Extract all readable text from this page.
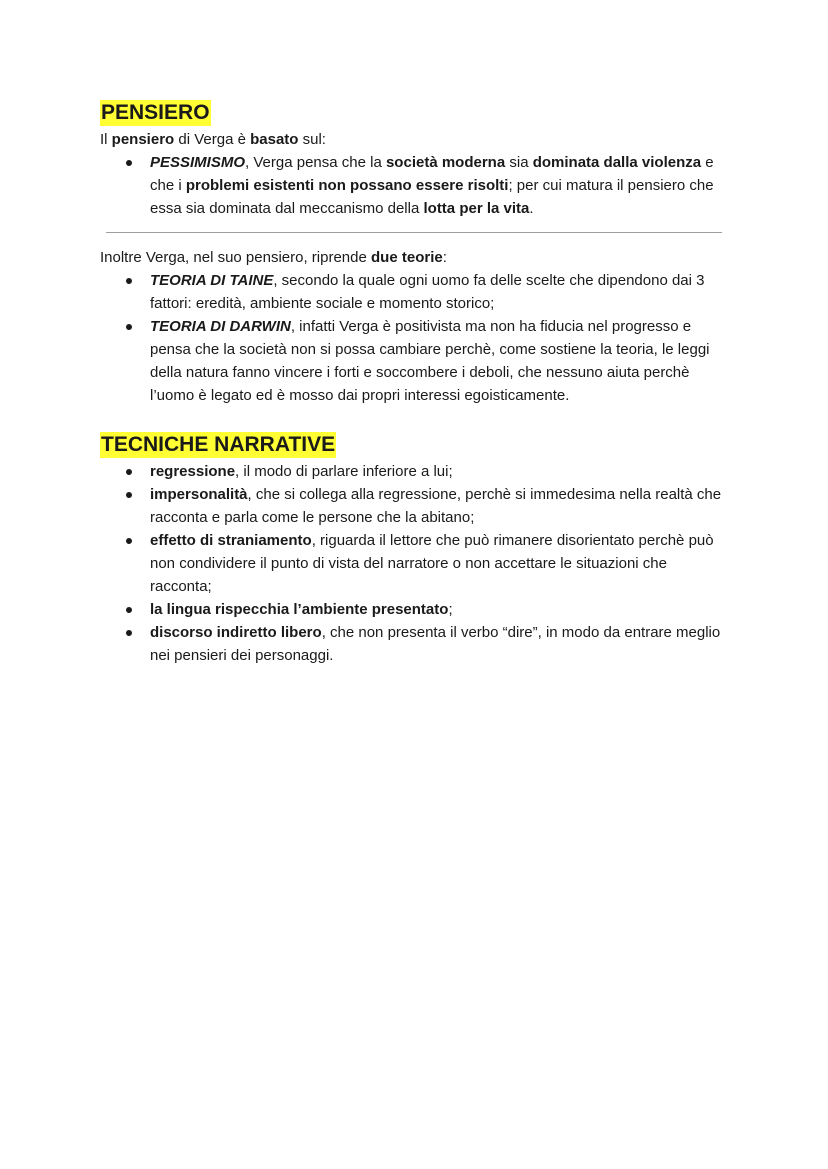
PENSIERO

Il pensiero di Verga è basato sul:

PESSIMISMO, Verga pensa che la società moderna sia dominata dalla violenza e che i problemi esistenti non possano essere risolti; per cui matura il pensiero che essa sia dominata dal meccanismo della lotta per la vita.

Inoltre Verga, nel suo pensiero, riprende due teorie:

TEORIA DI TAINE, secondo la quale ogni uomo fa delle scelte che dipendono dai 3 fattori: eredità, ambiente sociale e momento storico;
TEORIA DI DARWIN, infatti Verga è positivista ma non ha fiducia nel progresso e pensa che la società non si possa cambiare perchè, come sostiene la teoria, le leggi della natura fanno vincere i forti e soccombere i deboli, che nessuno aiuta perchè l’uomo è legato ed è mosso dai propri interessi egoisticamente.
TECNICHE NARRATIVE
regressione, il modo di parlare inferiore a lui;
impersonalità, che si collega alla regressione, perchè si immedesima nella realtà che racconta e parla come le persone che la abitano;
effetto di straniamento, riguarda il lettore che può rimanere disorientato perchè può non condividere il punto di vista del narratore o non accettare le situazioni che racconta;
la lingua rispecchia l’ambiente presentato;
discorso indiretto libero, che non presenta il verbo “dire”, in modo da entrare meglio nei pensieri dei personaggi.
